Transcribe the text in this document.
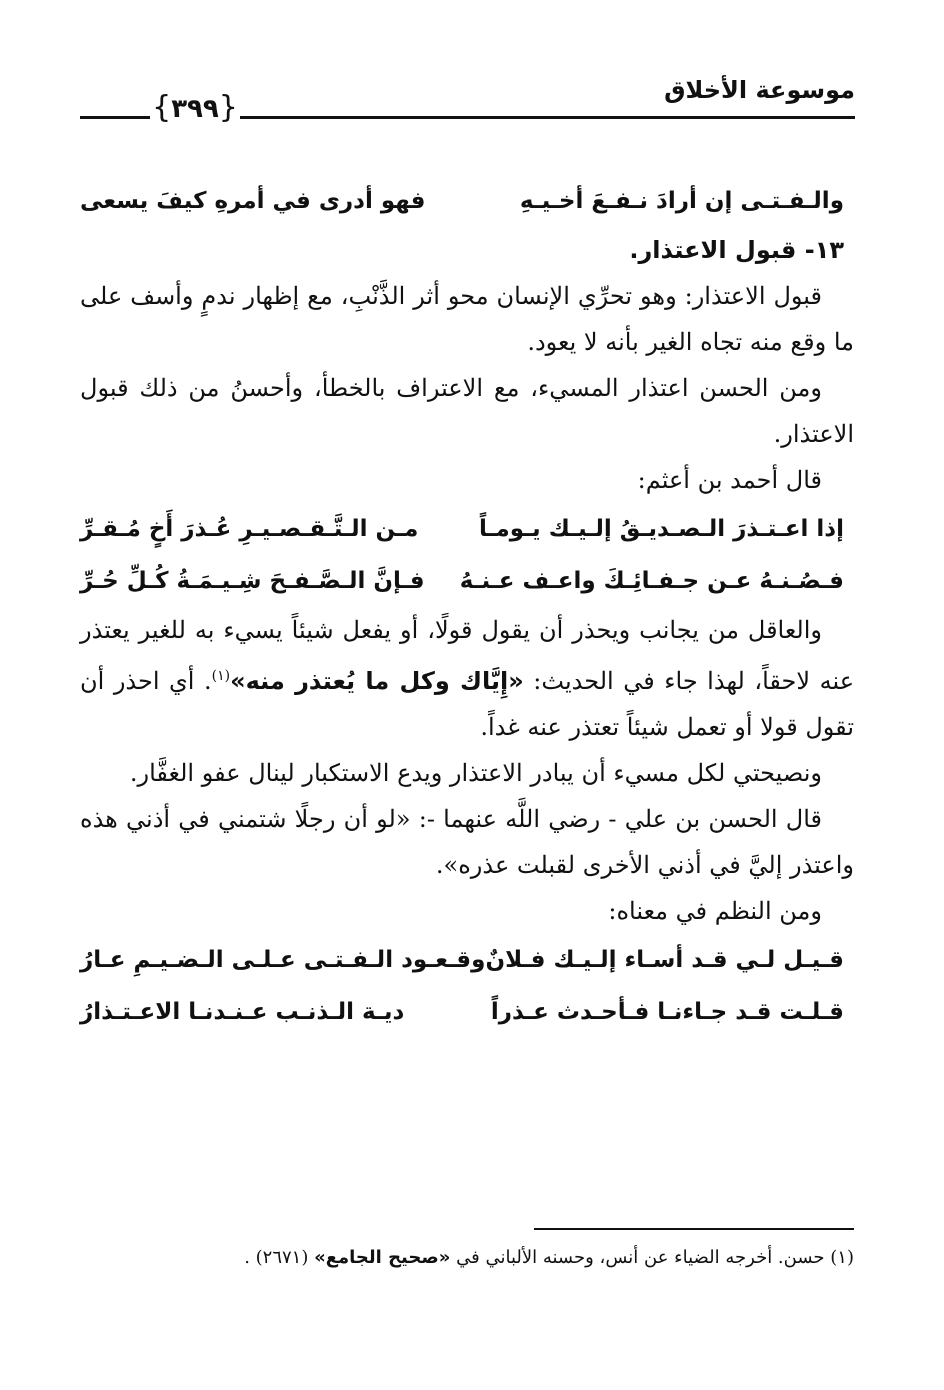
موسوعة الأخلاق
{٣٩٩}
والـفـتـى إن أرادَ نـفـعَ أخـيـهِ
فهو أدرى في أمرهِ كيفَ يسعى
١٣- قبول الاعتذار.

قبول الاعتذار: وهو تحرِّي الإنسان محو أثر الذَّنْبِ، مع إظهار ندمٍ وأسف على ما وقع منه تجاه الغير بأنه لا يعود.

ومن الحسن اعتذار المسيء، مع الاعتراف بالخطأ، وأحسنُ من ذلك قبول الاعتذار.

قال أحمد بن أعثم:

إذا اعـتـذرَ الـصـديـقُ إلـيـك يـومـاً
مـن الـتَّـقـصـيـرِ عُـذرَ أَخٍ مُـقـرِّ
فـصُـنـهُ عـن جـفـائِـكَ واعـف عـنـهُ
فـإنَّ الـصَّـفـحَ شِـيـمَـةُ كُـلِّ حُـرِّ

والعاقل من يجانب ويحذر أن يقول قولًا، أو يفعل شيئاً يسيء به للغير يعتذر عنه لاحقاً، لهذا جاء في الحديث: «إِيَّاك وكل ما يُعتذر منه»$^{(١)}$. أي احذر أن تقول قولا أو تعمل شيئاً تعتذر عنه غداً.

ونصيحتي لكل مسيء أن يبادر الاعتذار ويدع الاستكبار لينال عفو الغفَّار.

قال الحسن بن علي - رضي اللَّه عنهما -: «لو أن رجلًا شتمني في أذني هذه واعتذر إليَّ في أذني الأخرى لقبلت عذره».

ومن النظم في معناه:

قـيـل لـي قـد أسـاء إلـيـك فـلانٌ
وقـعـود الـفـتـى عـلـى الـضـيـمِ عـارُ
قـلـت قـد جـاءنـا فـأحـدث عـذراً
ديـة الـذنـب عـنـدنـا الاعـتـذارُ
(١) حسن. أخرجه الضياء عن أنس، وحسنه الألباني في «صحيح الجامع» (٢٦٧١) .
